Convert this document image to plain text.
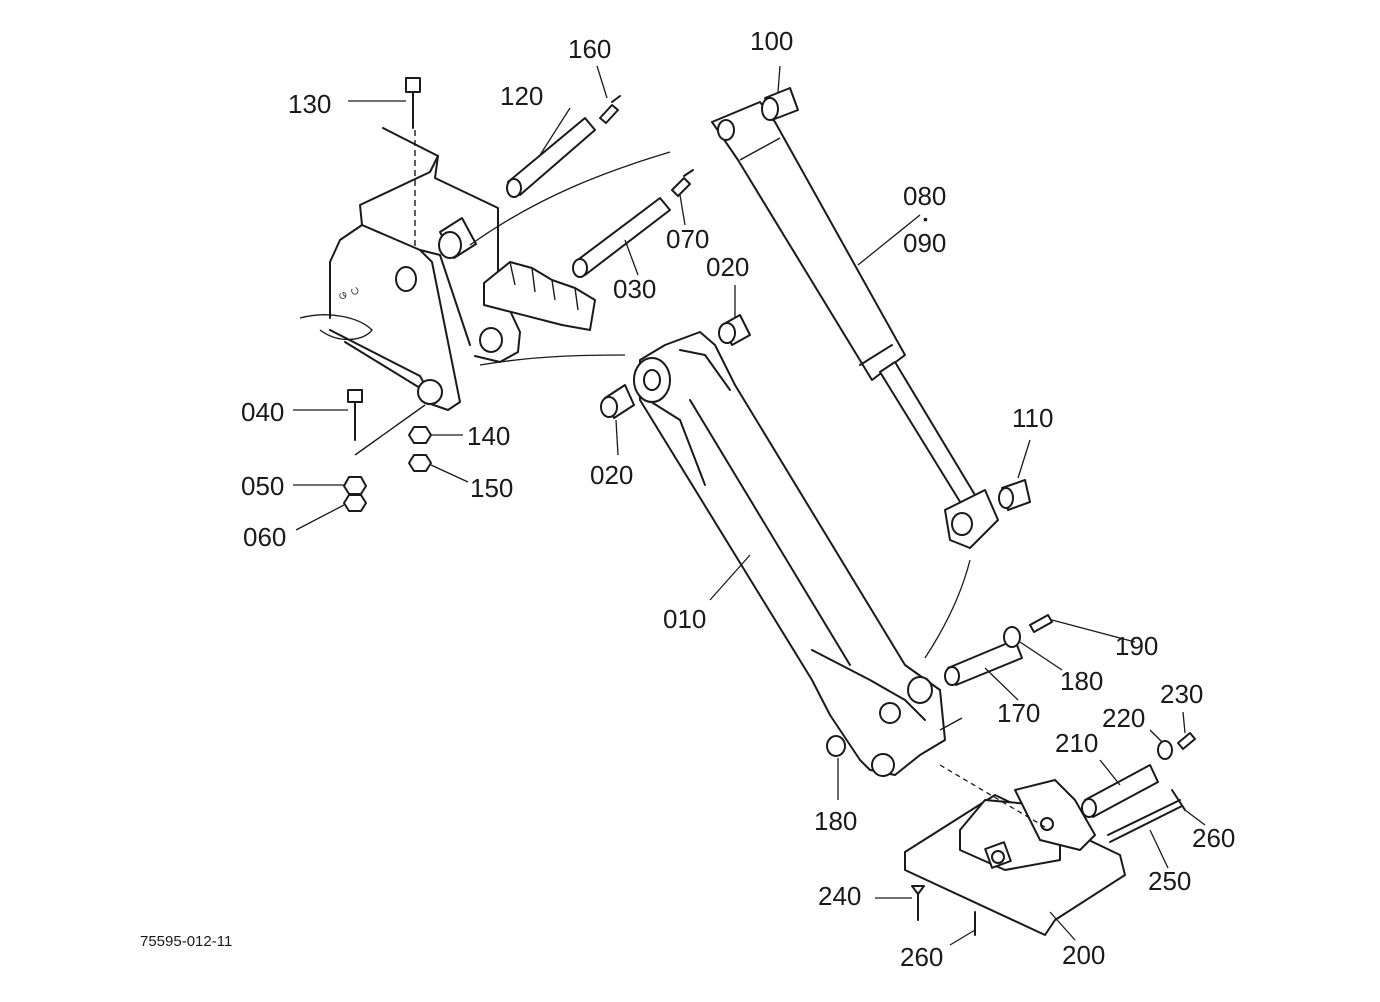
ဖ ပ
130	120
160	100
080
•
090
070
030
020
020
040
140
050	150
060
110
010
190
180
170
230
220
210
180
260
250
240
260	200
75595-012-11
